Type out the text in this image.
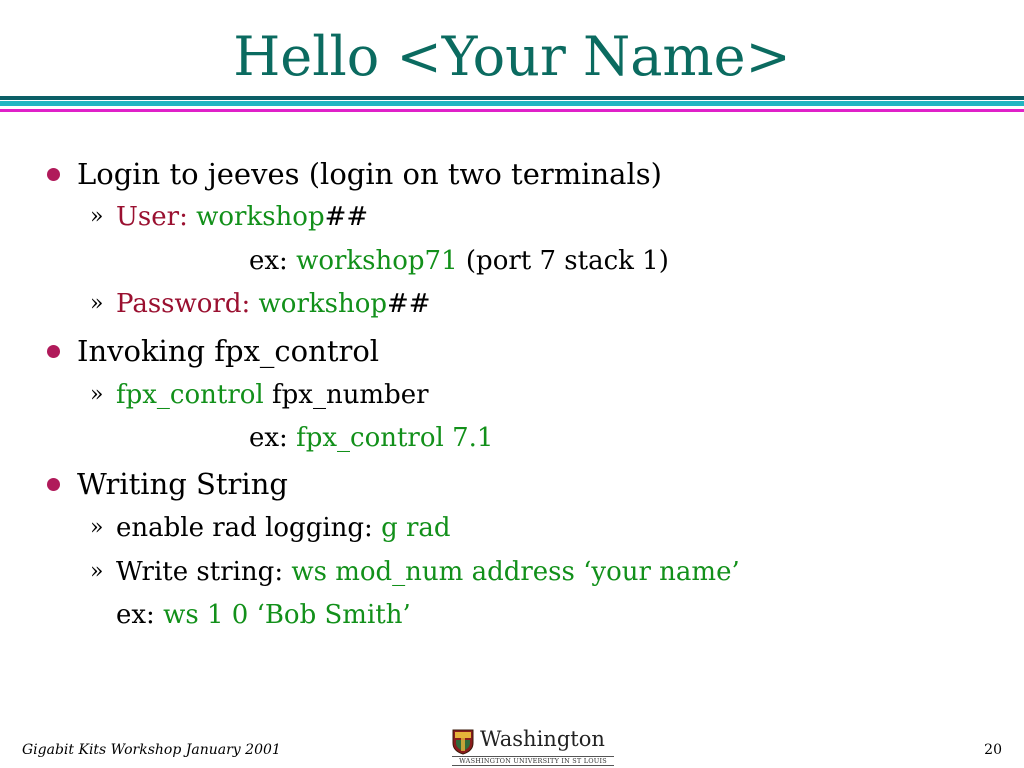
Hello <Your Name>
Login to jeeves (login on two terminals)
» User: workshop##
ex: workshop71 (port 7 stack 1)
» Password: workshop##
Invoking fpx_control
» fpx_control fpx_number
ex: fpx_control 7.1
Writing String
» enable rad logging: g rad
» Write string: ws mod_num address ‘your name’
ex: ws 1 0 ‘Bob Smith’
Gigabit Kits Workshop January 2001	Washington
WASHINGTON UNIVERSITY IN ST LOUIS
20
